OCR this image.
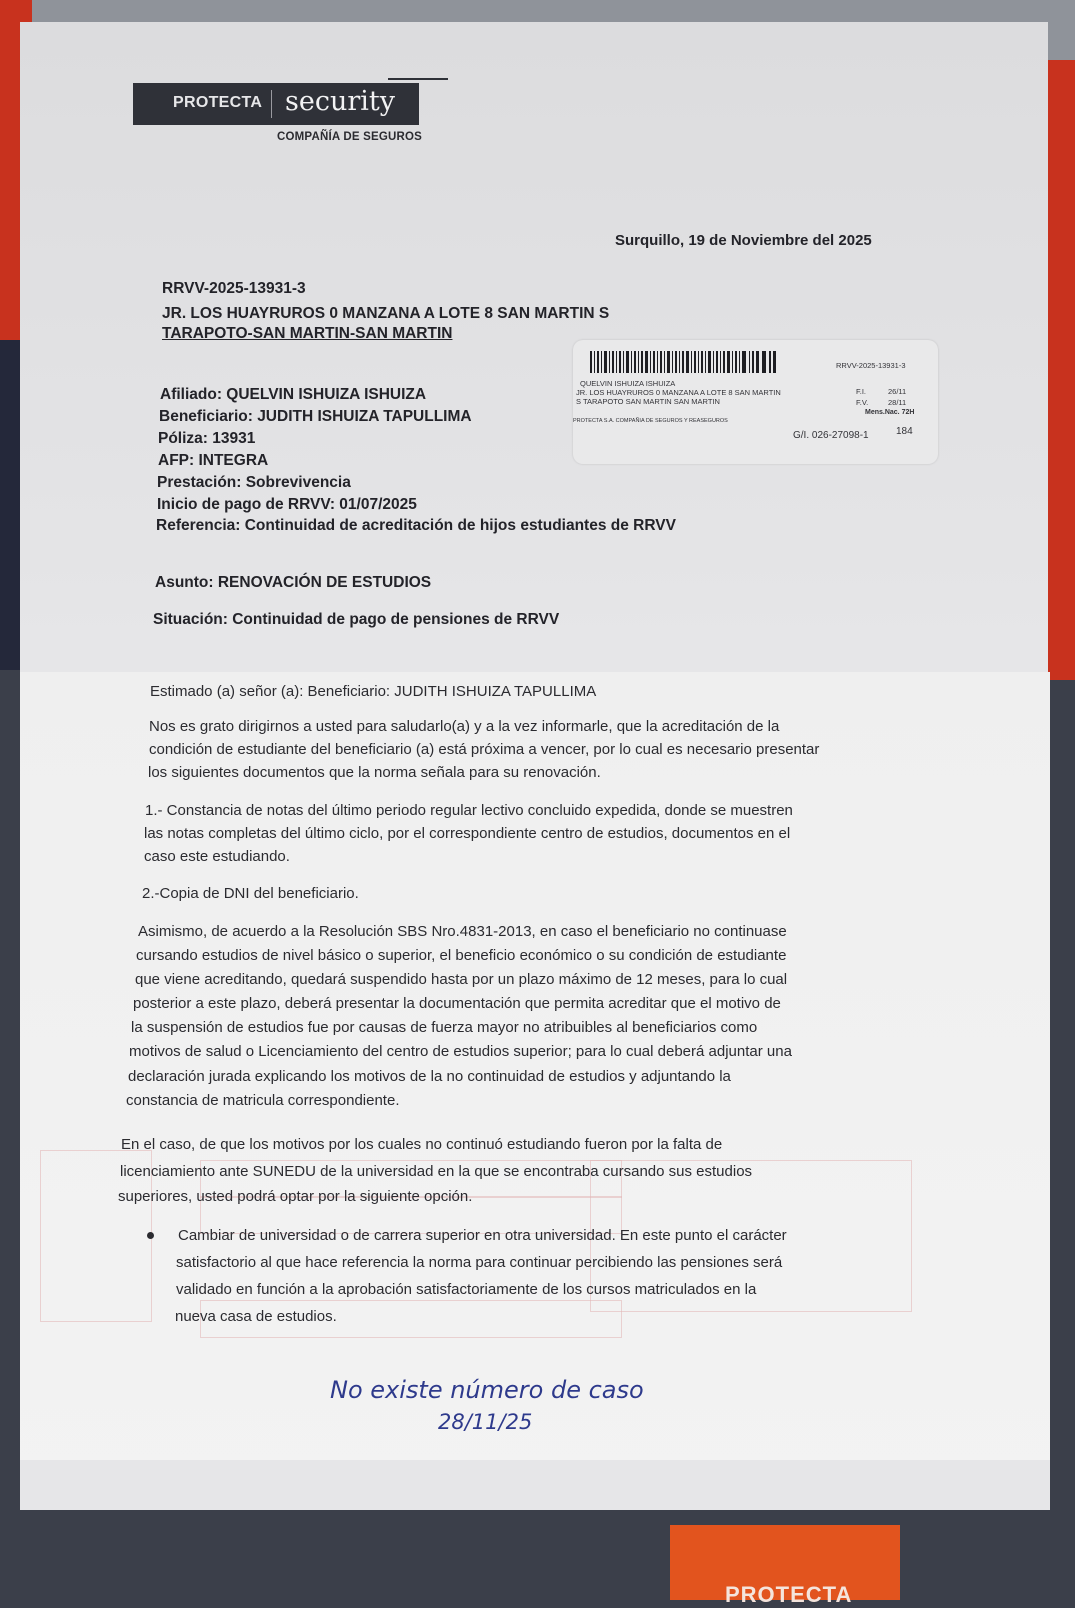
PROTECTA
PROTECTA security
COMPAÑÍA DE SEGUROS
Surquillo, 19 de Noviembre del 2025
RRVV-2025-13931-3
JR. LOS HUAYRUROS 0 MANZANA A LOTE 8 SAN MARTIN S
TARAPOTO-SAN MARTIN-SAN MARTIN
RRVV-2025-13931-3
QUELVIN ISHUIZA ISHUIZA
JR. LOS HUAYRUROS 0 MANZANA A LOTE 8 SAN MARTIN
S TARAPOTO SAN MARTIN SAN MARTIN
PROTECTA S.A. COMPAÑIA DE SEGUROS Y REASEGUROS
F.I.	26/11
F.V.	28/11
Mens.Nac. 72H
G/I. 026-27098-1	184
Afiliado: QUELVIN ISHUIZA ISHUIZA
Beneficiario: JUDITH ISHUIZA TAPULLIMA
Póliza: 13931
AFP: INTEGRA
Prestación: Sobrevivencia
Inicio de pago de RRVV: 01/07/2025
Referencia: Continuidad de acreditación de hijos estudiantes de RRVV
Asunto: RENOVACIÓN DE ESTUDIOS
Situación: Continuidad de pago de pensiones de RRVV
Estimado (a) señor (a): Beneficiario: JUDITH ISHUIZA TAPULLIMA
Nos es grato dirigirnos a usted para saludarlo(a) y a la vez informarle, que la acreditación de la
condición de estudiante del beneficiario (a) está próxima a vencer, por lo cual es necesario presentar
los siguientes documentos que la norma señala para su renovación.
1.- Constancia de notas del último periodo regular lectivo concluido expedida, donde se muestren
las notas completas del último ciclo, por el correspondiente centro de estudios, documentos en el
caso este estudiando.
2.-Copia de DNI del beneficiario.
Asimismo, de acuerdo a la Resolución SBS Nro.4831-2013, en caso el beneficiario no continuase
cursando estudios de nivel básico o superior, el beneficio económico o su condición de estudiante
que viene acreditando, quedará suspendido hasta por un plazo máximo de 12 meses, para lo cual
posterior a este plazo, deberá presentar la documentación que permita acreditar que el motivo de
la suspensión de estudios fue por causas de fuerza mayor no atribuibles al beneficiarios como
motivos de salud o Licenciamiento del centro de estudios superior; para lo cual deberá adjuntar una
declaración jurada explicando los motivos de la no continuidad de estudios y adjuntando la
constancia de matricula correspondiente.
En el caso, de que los motivos por los cuales no continuó estudiando fueron por la falta de
licenciamiento ante SUNEDU de la universidad en la que se encontraba cursando sus estudios
superiores, usted podrá optar por la siguiente opción.
Cambiar de universidad o de carrera superior en otra universidad. En este punto el carácter
satisfactorio al que hace referencia la norma para continuar percibiendo las pensiones será
validado en función a la aprobación satisfactoriamente de los cursos matriculados en la
nueva casa de estudios.
No existe número de caso
28/11/25
